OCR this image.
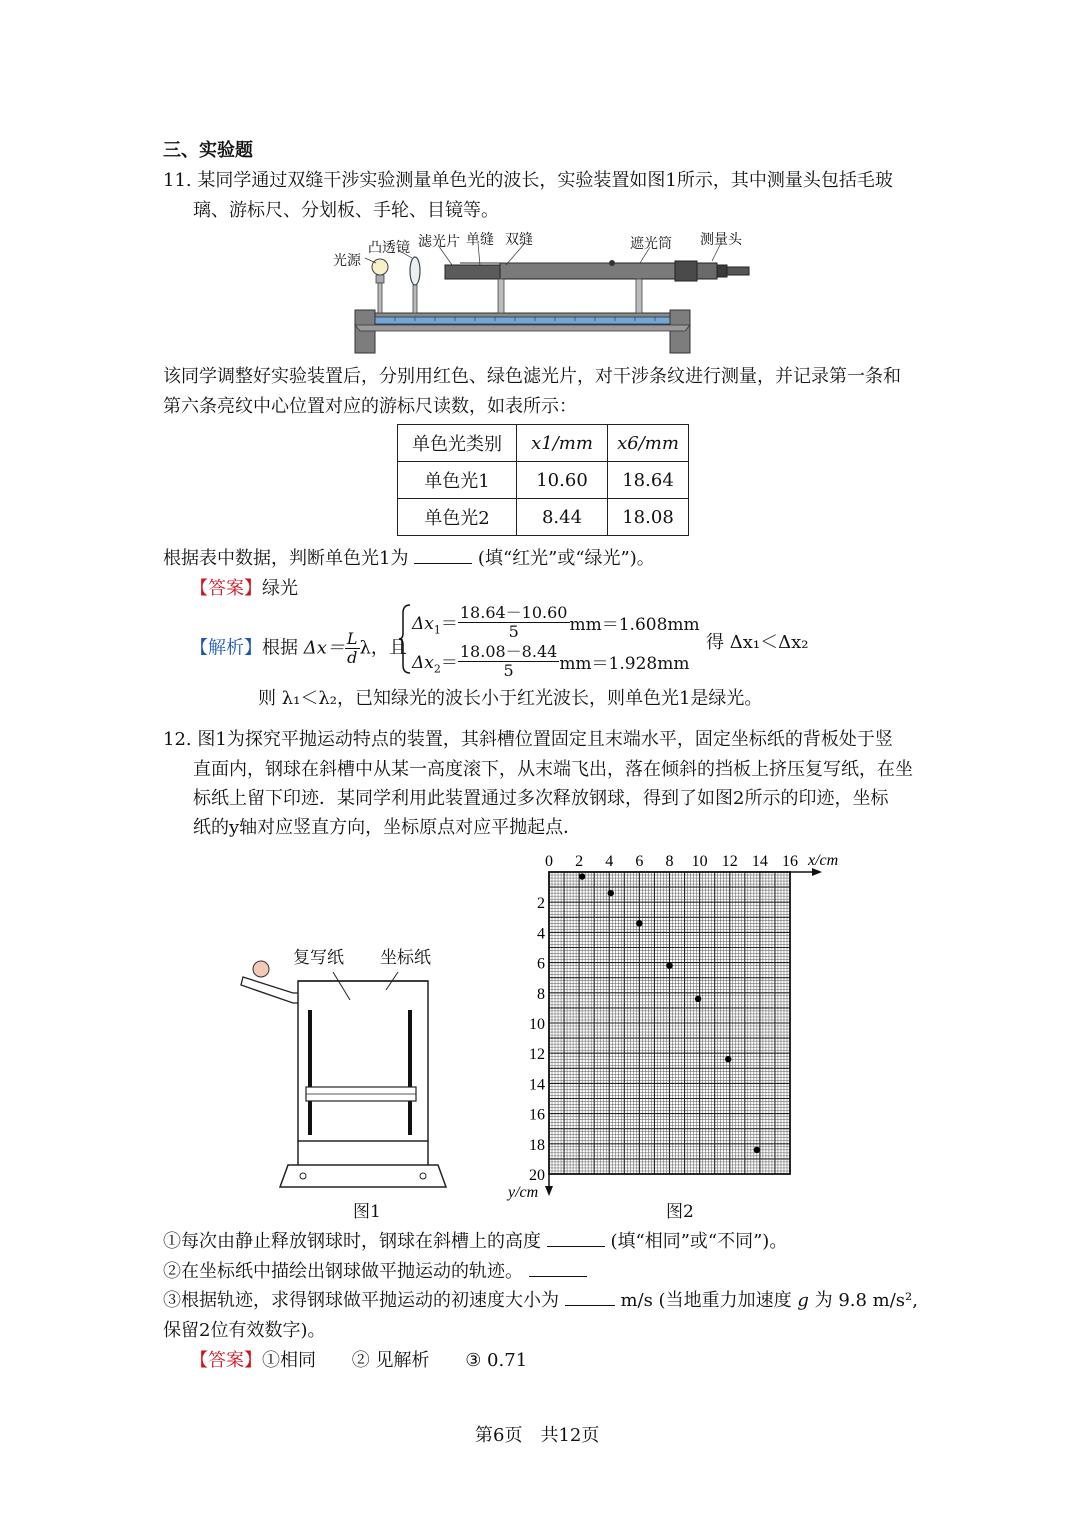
三、实验题
11. 某同学通过双缝干涉实验测量单色光的波长，实验装置如图1所示，其中测量头包括毛玻
璃、游标尺、分划板、手轮、目镜等。
光源
凸透镜 滤光片 单缝 双缝	遮光筒 测量头
该同学调整好实验装置后，分别用红色、绿色滤光片，对干涉条纹进行测量，并记录第一条和
第六条亮纹中心位置对应的游标尺读数，如表所示：
单色光类别	x1/mm	x6/mm
单色光1	10.60	18.64
单色光2	8.44	18.08
根据表中数据，判断单色光1为	(填“红光”或“绿光”)。
【答案】绿光
【解析】根据 $\Delta x= \frac{L}{d}$ λ，且
$\Delta x_1= \frac{18.64-10.60}{5} mm=1.608mm$
$\Delta x_2= \frac{18.08-8.44}{5} mm=1.928mm$
得 Δx₁＜Δx₂
则 λ₁＜λ₂，已知绿光的波长小于红光波长，则单色光1是绿光。
12. 图1为探究平抛运动特点的装置，其斜槽位置固定且末端水平，固定坐标纸的背板处于竖
直面内，钢球在斜槽中从某一高度滚下，从末端飞出，落在倾斜的挡板上挤压复写纸，在坐
标纸上留下印迹．某同学利用此装置通过多次释放钢球，得到了如图2所示的印迹，坐标
纸的y轴对应竖直方向，坐标原点对应平抛起点．
复写纸 坐标纸
图1
0 2 4 6 8 10 12 14 16
2
4
6
8
10
12
14
16
18
20
x/cm
y/cm
图2
①每次由静止释放钢球时，钢球在斜槽上的高度	(填“相同”或“不同”)。
②在坐标纸中描绘出钢球做平抛运动的轨迹。
③根据轨迹，求得钢球做平抛运动的初速度大小为	m/s (当地重力加速度 g 为 9.8 m/s²,
保留2位有效数字)。
【答案】①相同 ② 见解析 ③ 0.71
第6页　共12页
